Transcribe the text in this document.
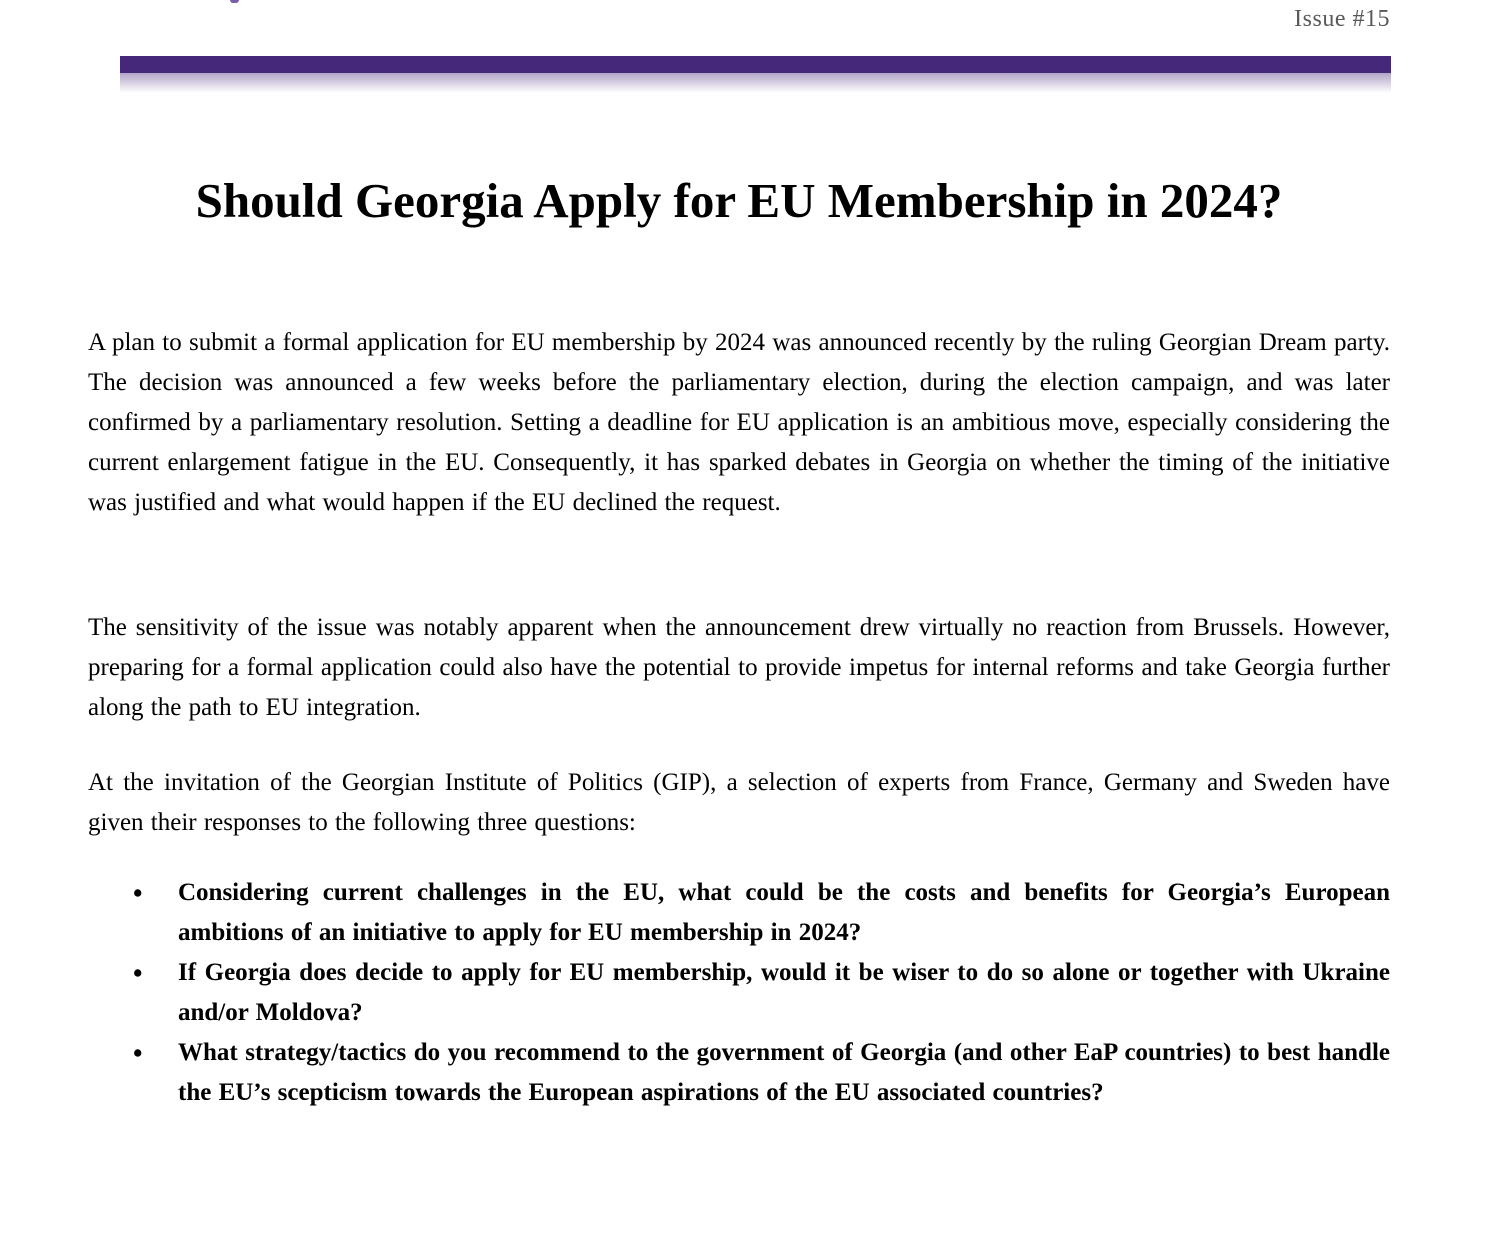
Issue #15
Should Georgia Apply for EU Membership in 2024?

A plan to submit a formal application for EU membership by 2024 was announced recently by the ruling Georgian Dream party. The decision was announced a few weeks before the parliamentary election, during the election campaign, and was later confirmed by a parliamentary resolution. Setting a deadline for EU application is an ambitious move, especially considering the current enlargement fatigue in the EU. Consequently, it has sparked debates in Georgia on whether the timing of the initiative was justified and what would happen if the EU declined the request.

The sensitivity of the issue was notably apparent when the announcement drew virtually no reaction from Brussels. However, preparing for a formal application could also have the potential to provide impetus for internal reforms and take Georgia further along the path to EU integration.

At the invitation of the Georgian Institute of Politics (GIP), a selection of experts from France, Germany and Sweden have given their responses to the following three questions:

• Considering current challenges in the EU, what could be the costs and benefits for Georgia’s European ambitions of an initiative to apply for EU membership in 2024?
• If Georgia does decide to apply for EU membership, would it be wiser to do so alone or together with Ukraine and/or Moldova?
• What strategy/tactics do you recommend to the government of Georgia (and other EaP countries) to best handle the EU’s scepticism towards the European aspirations of the EU associated countries?
